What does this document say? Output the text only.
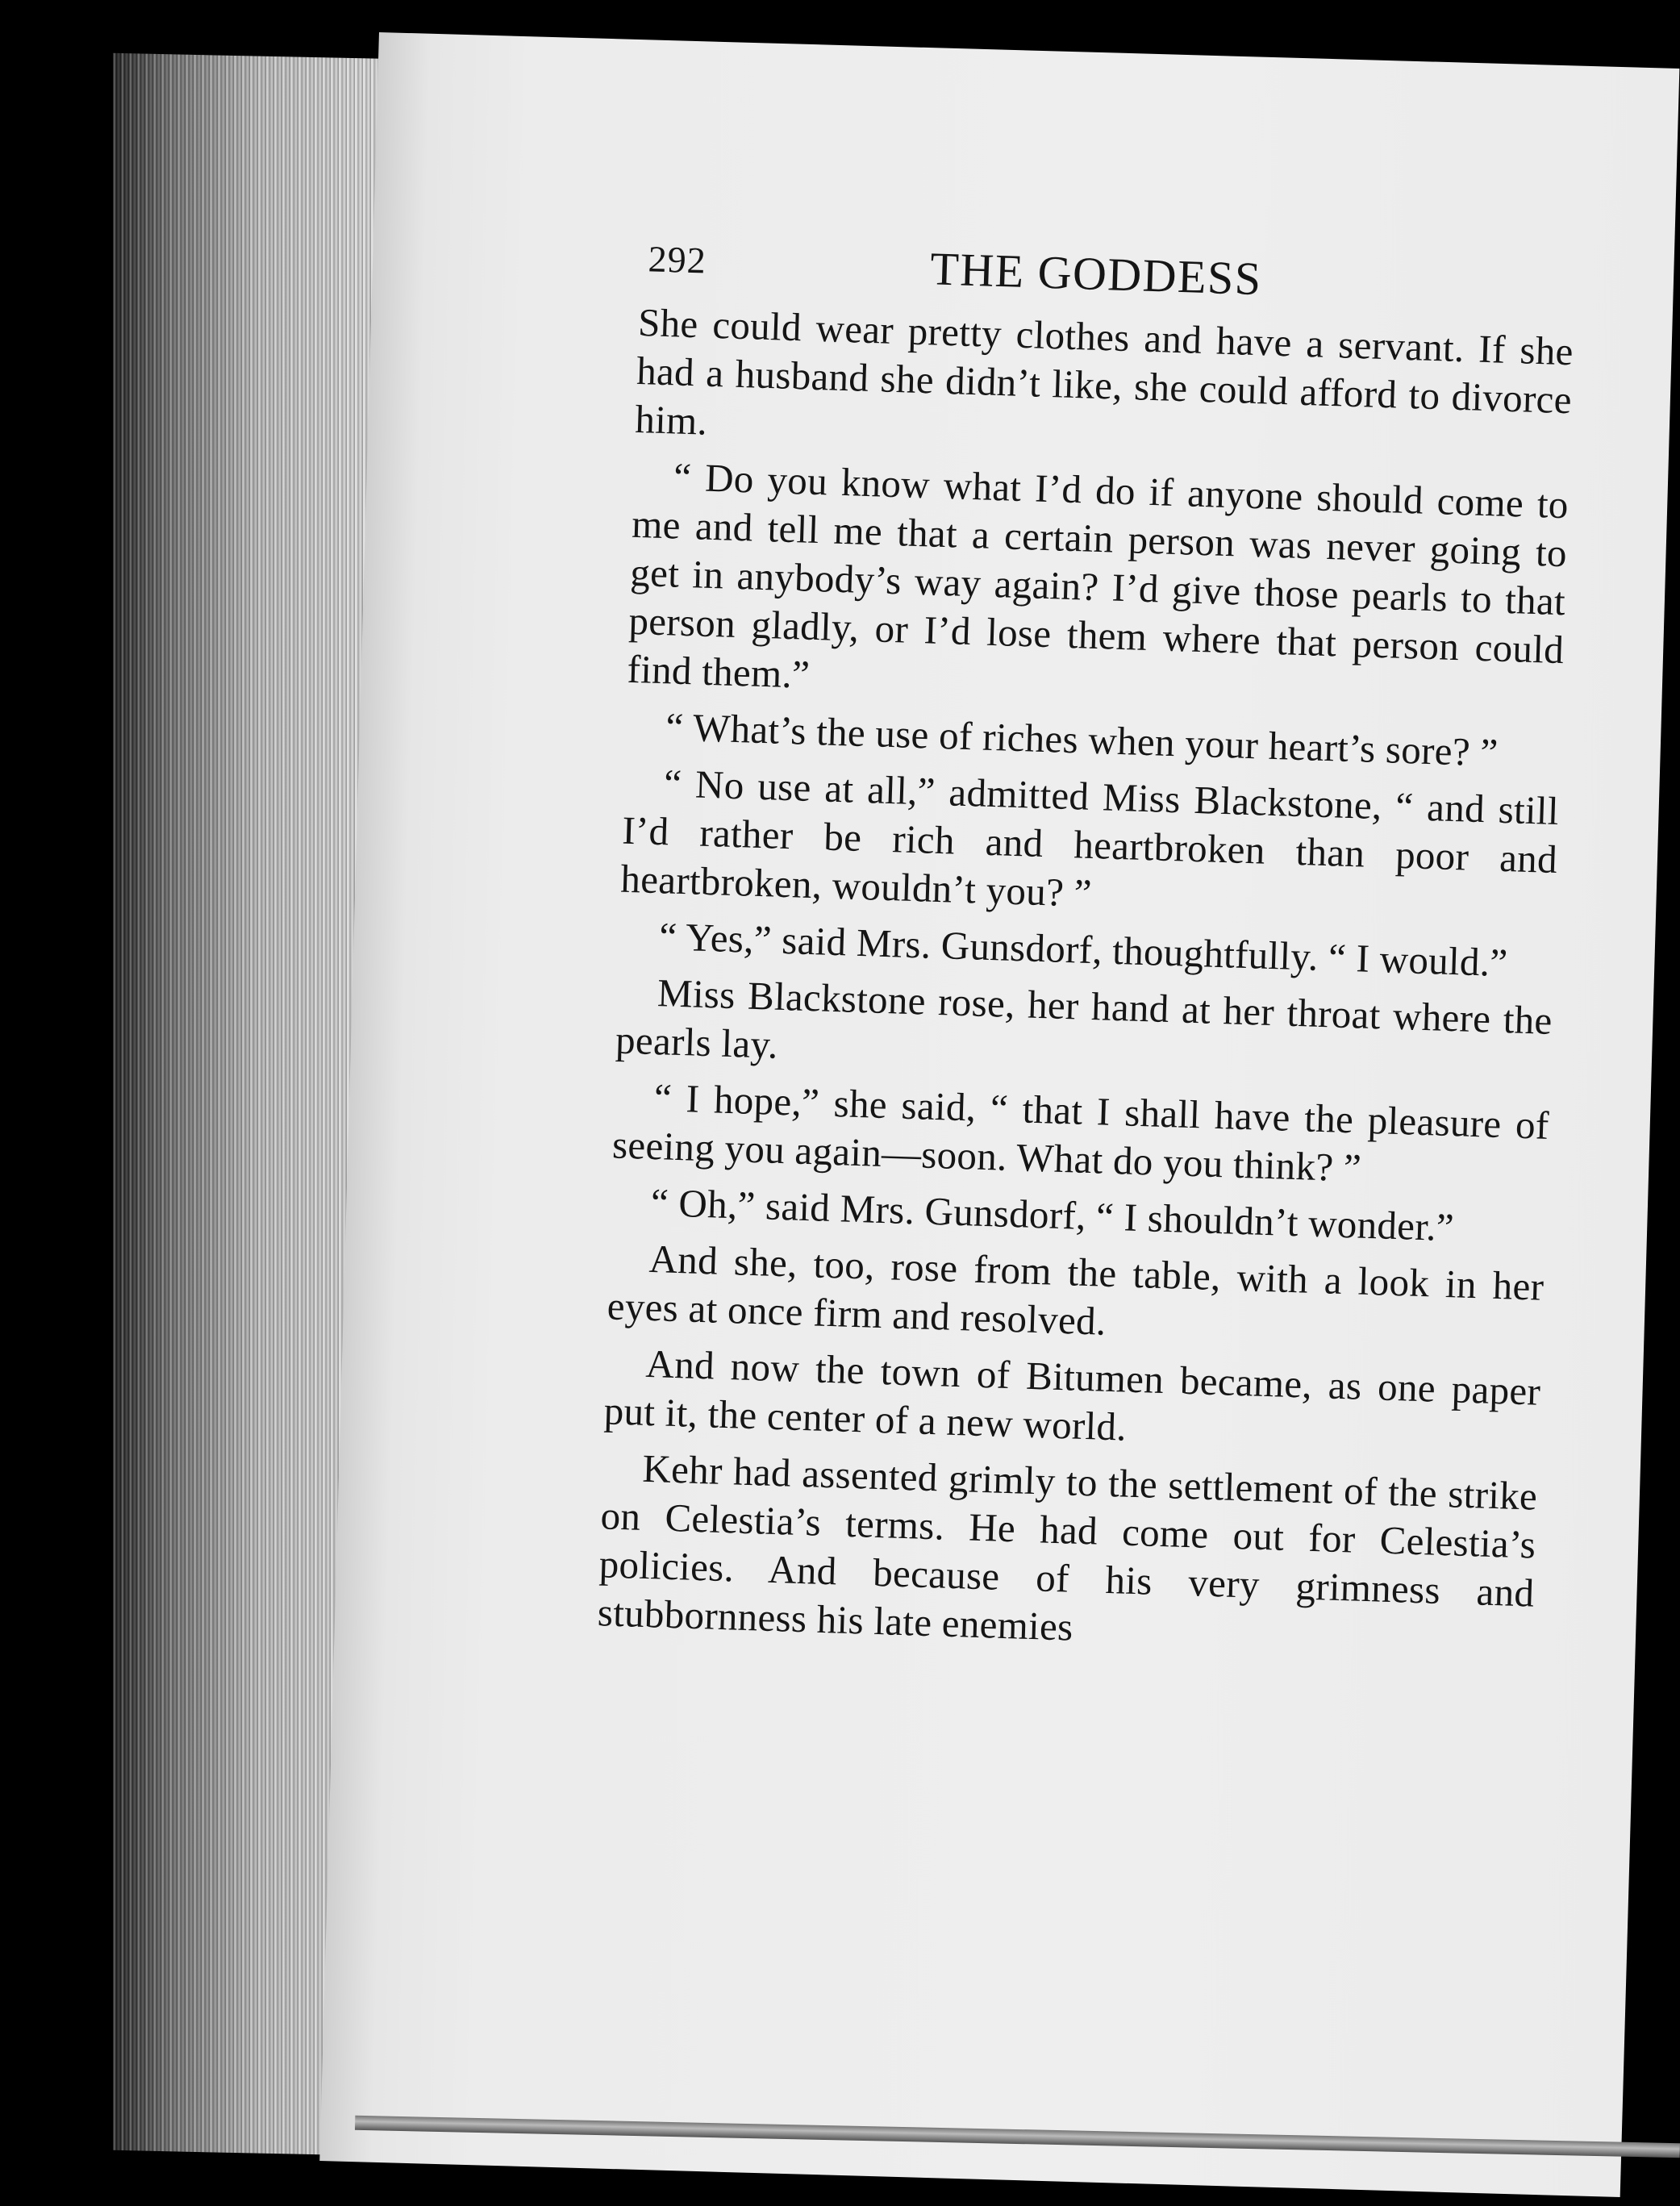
292	THE GODDESS

She could wear pretty clothes and have a servant. If she had a husband she didn’t like, she could afford to divorce him.

“ Do you know what I’d do if anyone should come to me and tell me that a certain person was never going to get in anybody’s way again? I’d give those pearls to that person gladly, or I’d lose them where that person could find them.”

“ What’s the use of riches when your heart’s sore? ”

“ No use at all,” admitted Miss Blackstone, “ and still I’d rather be rich and heartbroken than poor and heartbroken, wouldn’t you? ”

“ Yes,” said Mrs. Gunsdorf, thoughtfully. “ I would.”

Miss Blackstone rose, her hand at her throat where the pearls lay.

“ I hope,” she said, “ that I shall have the pleasure of seeing you again—soon. What do you think? ”

“ Oh,” said Mrs. Gunsdorf, “ I shouldn’t wonder.”

And she, too, rose from the table, with a look in her eyes at once firm and resolved.

And now the town of Bitumen became, as one paper put it, the center of a new world.

Kehr had assented grimly to the settlement of the strike on Celestia’s terms. He had come out for Celestia’s policies. And because of his very grimness and stubbornness his late enemies
